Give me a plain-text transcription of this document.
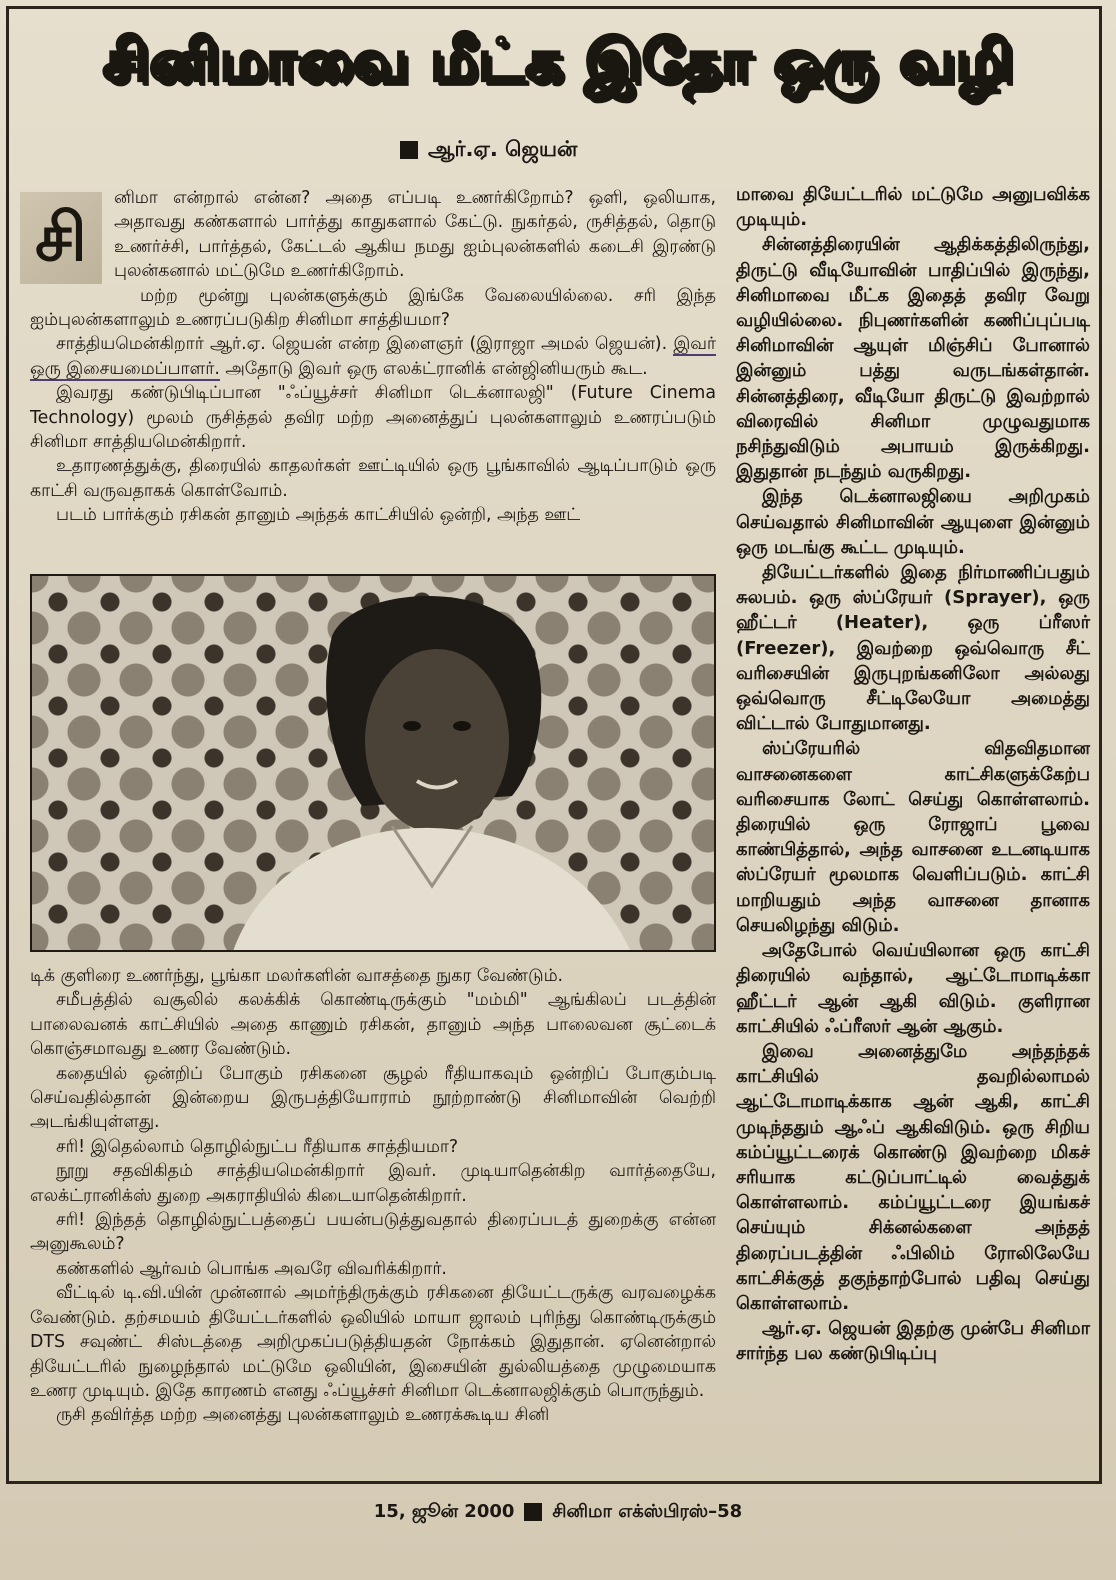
சினிமாவை மீட்க இதோ ஒரு வழி
ஆர்.ஏ. ஜெயன்

சி
னிமா என்றால் என்ன? அதை எப்படி உணர்கிறோம்? ஒளி, ஒலியாக, அதாவது கண்களால் பார்த்து காதுகளால் கேட்டு. நுகர்தல், ருசித்தல், தொடு உணர்ச்சி, பார்த்தல், கேட்டல் ஆகிய நமது ஐம்புலன்களில் கடைசி இரண்டு புலன்கனால் மட்டுமே உணர்கிறோம்.

மற்ற மூன்று புலன்களுக்கும் இங்கே வேலையில்லை. சரி இந்த ஐம்புலன்களாலும் உணரப்படுகிற சினிமா சாத்தியமா?

சாத்தியமென்கிறார் ஆர்.ஏ. ஜெயன் என்ற இளைஞர் (இராஜா அமல் ஜெயன்). இவர் ஒரு இசையமைப்பாளர். அதோடு இவர் ஒரு எலக்ட்ரானிக் என்ஜினியரும் கூட.

இவரது கண்டுபிடிப்பான "ஃப்யூச்சர் சினிமா டெக்னாலஜி" (Future Cinema Technology) மூலம் ருசித்தல் தவிர மற்ற அனைத்துப் புலன்களாலும் உணரப்படும் சினிமா சாத்தியமென்கிறார்.

உதாரணத்துக்கு, திரையில் காதலர்கள் ஊட்டியில் ஒரு பூங்காவில் ஆடிப்பாடும் ஒரு காட்சி வருவதாகக் கொள்வோம்.

படம் பார்க்கும் ரசிகன் தானும் அந்தக் காட்சியில் ஒன்றி, அந்த ஊட்

டிக் குளிரை உணர்ந்து, பூங்கா மலர்களின் வாசத்தை நுகர வேண்டும்.

சமீபத்தில் வசூலில் கலக்கிக் கொண்டிருக்கும் "மம்மி" ஆங்கிலப் படத்தின் பாலைவனக் காட்சியில் அதை காணும் ரசிகன், தானும் அந்த பாலைவன சூட்டைக் கொஞ்சமாவது உணர வேண்டும்.

கதையில் ஒன்றிப் போகும் ரசிகனை சூழல் ரீதியாகவும் ஒன்றிப் போகும்படி செய்வதில்தான் இன்றைய இருபத்தியோராம் நூற்றாண்டு சினிமாவின் வெற்றி அடங்கியுள்ளது.

சரி! இதெல்லாம் தொழில்நுட்ப ரீதியாக சாத்தியமா?

நூறு சதவிகிதம் சாத்தியமென்கிறார் இவர். முடியாதென்கிற வார்த்தையே, எலக்ட்ரானிக்ஸ் துறை அகராதியில் கிடையாதென்கிறார்.

சரி! இந்தத் தொழில்நுட்பத்தைப் பயன்படுத்துவதால் திரைப்படத் துறைக்கு என்ன அனுகூலம்?

கண்களில் ஆர்வம் பொங்க அவரே விவரிக்கிறார்.

வீட்டில் டி.வி.யின் முன்னால் அமர்ந்திருக்கும் ரசிகனை தியேட்டருக்கு வரவழைக்க வேண்டும். தற்சமயம் தியேட்டர்களில் ஒலியில் மாயா ஜாலம் புரிந்து கொண்டிருக்கும் DTS சவுண்ட் சிஸ்டத்தை அறிமுகப்படுத்தியதன் நோக்கம் இதுதான். ஏனென்றால் தியேட்டரில் நுழைந்தால் மட்டுமே ஒலியின், இசையின் துல்லியத்தை முழுமையாக உணர முடியும். இதே காரணம் எனது ஃப்யூச்சர் சினிமா டெக்னாலஜிக்கும் பொருந்தும்.

ருசி தவிர்த்த மற்ற அனைத்து புலன்களாலும் உணரக்கூடிய சினி

மாவை தியேட்டரில் மட்டுமே அனுபவிக்க முடியும்.

சின்னத்திரையின் ஆதிக்கத்திலிருந்து, திருட்டு வீடியோவின் பாதிப்பில் இருந்து, சினிமாவை மீட்க இதைத் தவிர வேறு வழியில்லை. நிபுணர்களின் கணிப்புப்படி சினிமாவின் ஆயுள் மிஞ்சிப் போனால் இன்னும் பத்து வருடங்கள்தான். சின்னத்திரை, வீடியோ திருட்டு இவற்றால் விரைவில் சினிமா முழுவதுமாக நசிந்துவிடும் அபாயம் இருக்கிறது. இதுதான் நடந்தும் வருகிறது.

இந்த டெக்னாலஜியை அறிமுகம் செய்வதால் சினிமாவின் ஆயுளை இன்னும் ஒரு மடங்கு கூட்ட முடியும்.

தியேட்டர்களில் இதை நிர்மாணிப்பதும் சுலபம். ஒரு ஸ்ப்ரேயர் (Sprayer), ஒரு ஹீட்டர் (Heater), ஒரு ப்ரீஸர் (Freezer), இவற்றை ஒவ்வொரு சீட் வரிசையின் இருபுறங்கனிலோ அல்லது ஒவ்வொரு சீட்டிலேயோ அமைத்து விட்டால் போதுமானது.

ஸ்ப்ரேயரில் விதவிதமான வாசனைகளை காட்சிகளுக்கேற்ப வரிசையாக லோட் செய்து கொள்ளலாம். திரையில் ஒரு ரோஜாப் பூவை காண்பித்தால், அந்த வாசனை உடனடியாக ஸ்ப்ரேயர் மூலமாக வெளிப்படும். காட்சி மாறியதும் அந்த வாசனை தானாக செயலிழந்து விடும்.

அதேபோல் வெய்யிலான ஒரு காட்சி திரையில் வந்தால், ஆட்டோமாடிக்கா ஹீட்டர் ஆன் ஆகி விடும். குளிரான காட்சியில் ஃப்ரீஸர் ஆன் ஆகும்.

இவை அனைத்துமே அந்தந்தக் காட்சியில் தவறில்லாமல் ஆட்டோமாடிக்காக ஆன் ஆகி, காட்சி முடிந்ததும் ஆஃப் ஆகிவிடும். ஒரு சிறிய கம்ப்யூட்டரைக் கொண்டு இவற்றை மிகச் சரியாக கட்டுப்பாட்டில் வைத்துக் கொள்ளலாம். கம்ப்யூட்டரை இயங்கச் செய்யும் சிக்னல்களை அந்தத் திரைப்படத்தின் ஃபிலிம் ரோலிலேயே காட்சிக்குத் தகுந்தாற்போல் பதிவு செய்து கொள்ளலாம்.

ஆர்.ஏ. ஜெயன் இதற்கு முன்பே சினிமா சார்ந்த பல கண்டுபிடிப்பு

15, ஜூன் 2000 சினிமா எக்ஸ்பிரஸ்–58
